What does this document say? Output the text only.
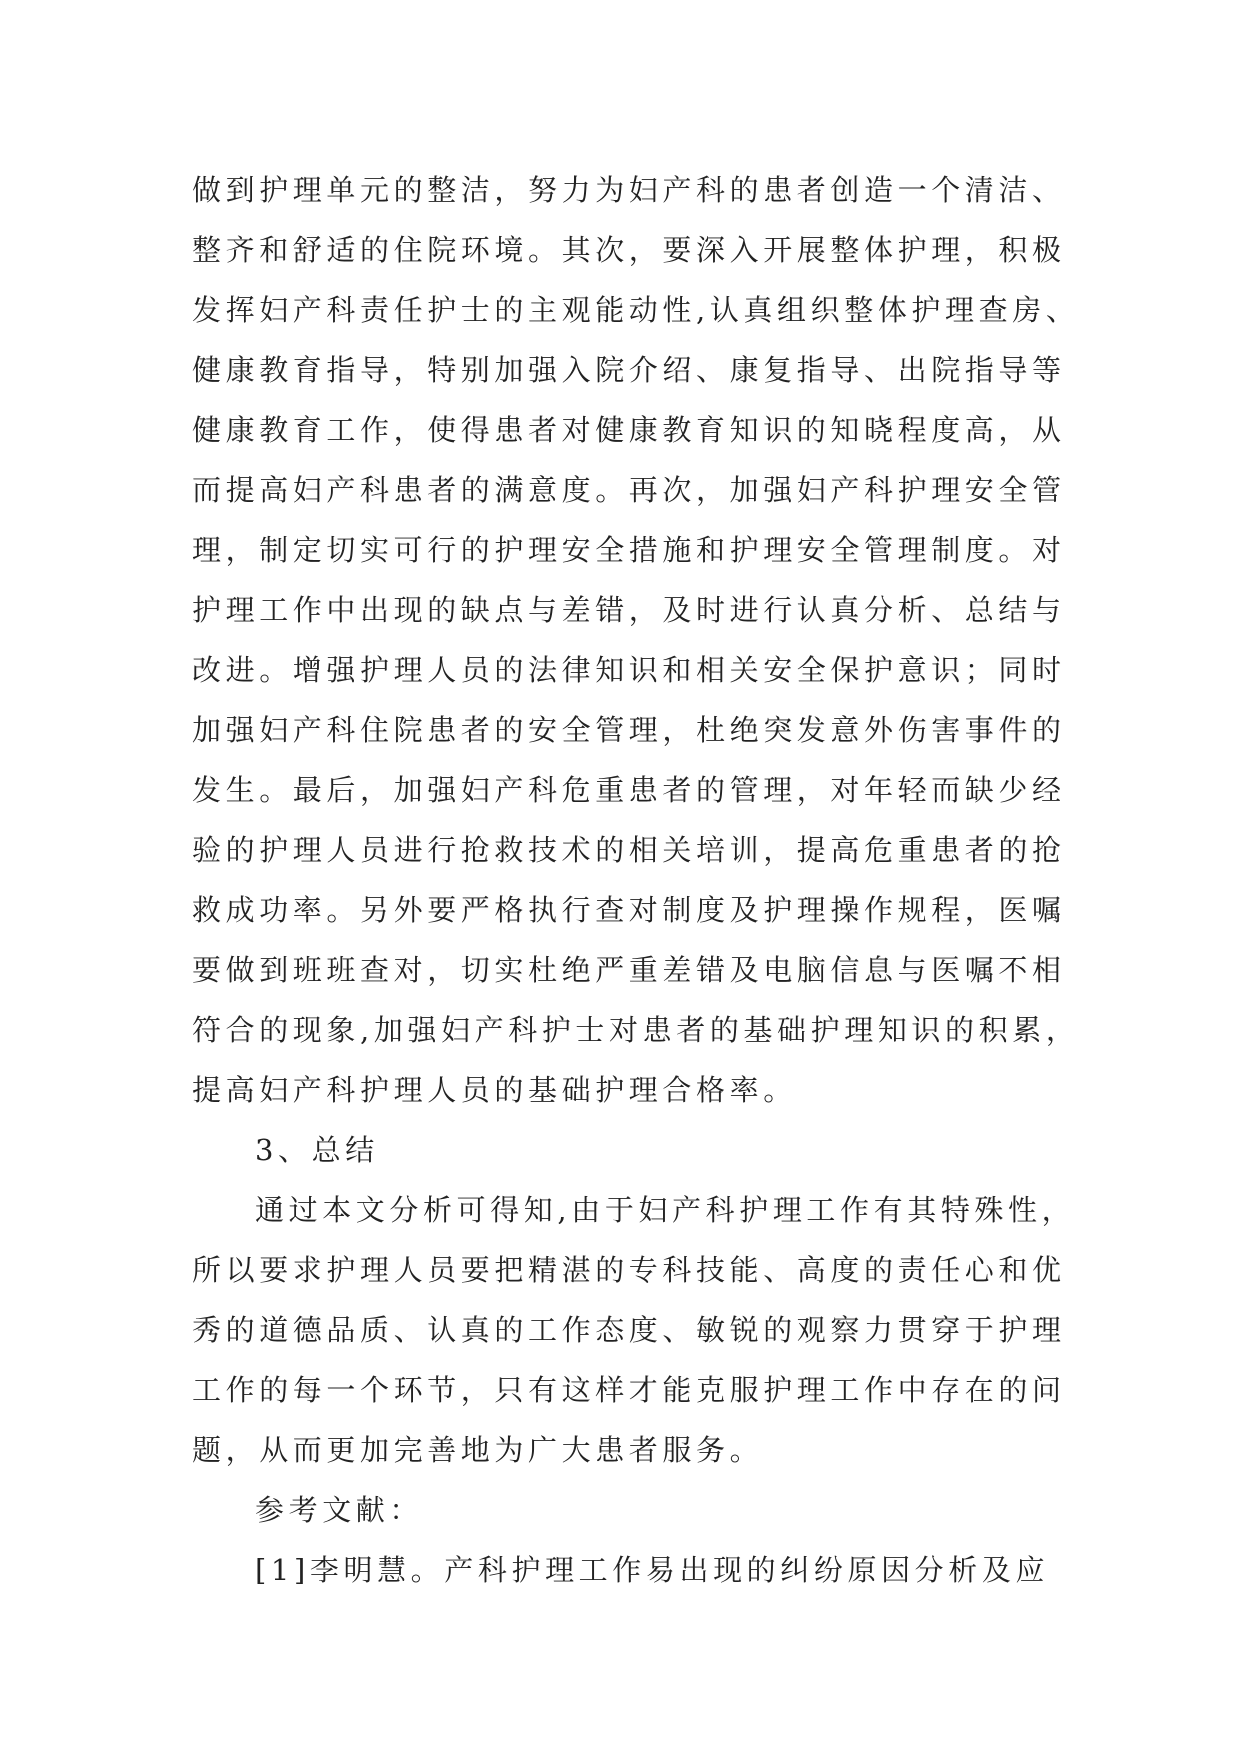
做到护理单元的整洁，努力为妇产科的患者创造一个清洁、
整齐和舒适的住院环境。其次，要深入开展整体护理，积极
发挥妇产科责任护士的主观能动性,认真组织整体护理查房、
健康教育指导，特别加强入院介绍、康复指导、出院指导等
健康教育工作，使得患者对健康教育知识的知晓程度高，从
而提高妇产科患者的满意度。再次，加强妇产科护理安全管
理，制定切实可行的护理安全措施和护理安全管理制度。对
护理工作中出现的缺点与差错，及时进行认真分析、总结与
改进。增强护理人员的法律知识和相关安全保护意识；同时
加强妇产科住院患者的安全管理，杜绝突发意外伤害事件的
发生。最后，加强妇产科危重患者的管理，对年轻而缺少经
验的护理人员进行抢救技术的相关培训，提高危重患者的抢
救成功率。另外要严格执行查对制度及护理操作规程，医嘱
要做到班班查对，切实杜绝严重差错及电脑信息与医嘱不相
符合的现象,加强妇产科护士对患者的基础护理知识的积累，
提高妇产科护理人员的基础护理合格率。
3、总结
通过本文分析可得知,由于妇产科护理工作有其特殊性，
所以要求护理人员要把精湛的专科技能、高度的责任心和优
秀的道德品质、认真的工作态度、敏锐的观察力贯穿于护理
工作的每一个环节，只有这样才能克服护理工作中存在的问
题，从而更加完善地为广大患者服务。
参考文献：
[1]李明慧。产科护理工作易出现的纠纷原因分析及应
